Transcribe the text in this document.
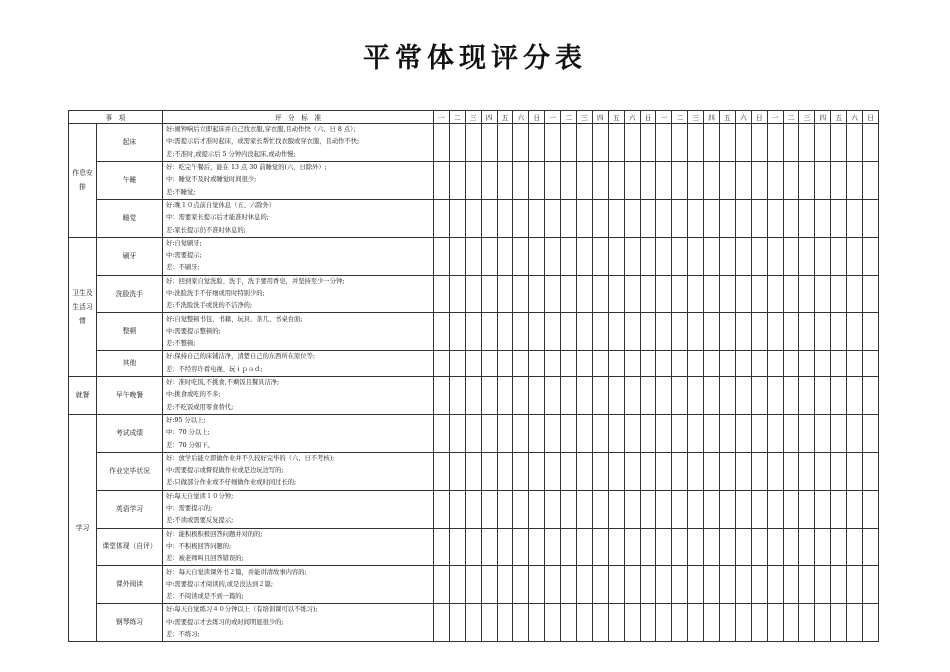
平常体现评分表
事　项		评　分　标　准	一	二	三	四	五	六	日	一	二	三	四	五	六	日	一	二	三	四	五	六	日	一	二	三	四	五	六	日
作息安排	起床	好:闹钟响后立即起床并自己找衣服,穿衣服,且动作快（六、日 8 点）；																												
		中:需提示后才准时起床，或需家长帮忙找衣服或穿衣服，且动作不快;																												
		差:不准时,或提示后 5 分钟内没起床,或动作慢;																												
	午睡	好：吃完午餐后，能在 13 点 30 前睡觉的(六、日除外）;																												
		中：睡觉不及时或睡觉时间很少;																												
		差:不睡觉;																												
	睡觉	好:晚１０点前自觉休息（五、六除外）																												
		中：需要家长提示后才能准时休息的;																												
		差:家长提示仍不准时休息的;																												
卫生及生活习惯	刷牙	好:自觉刷牙;																												
		中:需要提示;																												
		差：不刷牙;																												
	洗脸洗手	好：回到家自觉洗脸、洗手，洗手要用香皂，并坚持至少一分钟;																												
		中:洗脸洗手不仔细或用时特别少的;																												
		差:不洗脸洗手或洗的不洁净的;																												
	整顿	好:自觉整顿书包、书籍、玩具、茶几、书桌台面;																												
		中:需要提示整顿的;																												
		差:不整顿;																												
	其他	好:保持自己的床铺洁净，清楚自己的东西所在原位等;																												
		差：不经容许看电视、玩ｉｐａｄ;																												
就餐	早午晚餐	好：准时吃饭,不挑食,不剩饭且餐具洁净;																												
		中:挑食或吃的不多;																												
		差:不吃饭或用零食替代;																												
学习	考试成绩	好:95 分以上;																												
		中：70 分以上;																												
		差：70 分如下。																												
	作业完毕状况	好：放学后能立即做作业并不久较好完毕的（六、日不考核);																												
		中:需要提示或督促做作业或是边玩边写的;																												
		差:只做部分作业或不仔细做作业或时间过长的;																												
	英语学习	好:每天自觉读１０分钟;																												
		中：需要提示的;																												
		差:不读或需要反复提示;																												
	课堂体现（自评）	好：能积极积极回答问题并对的的;																												
		中：不积极回答问题的;																												
		差：被老师叫且回答错误的;																												
	课外阅读	好：每天自觉读课外书２篇，并能讲清故事内容的;																												
		中:需要提示才阅读的,或是没达到２篇;																												
		差：不阅读或是不到一篇的;																												
	钢琴练习	好:每天自觉练习４０分钟以上（有培训课可以不练习);																												
		中:需要提示才去练习的或时间明显很少的;																												
		差：不练习;																												
